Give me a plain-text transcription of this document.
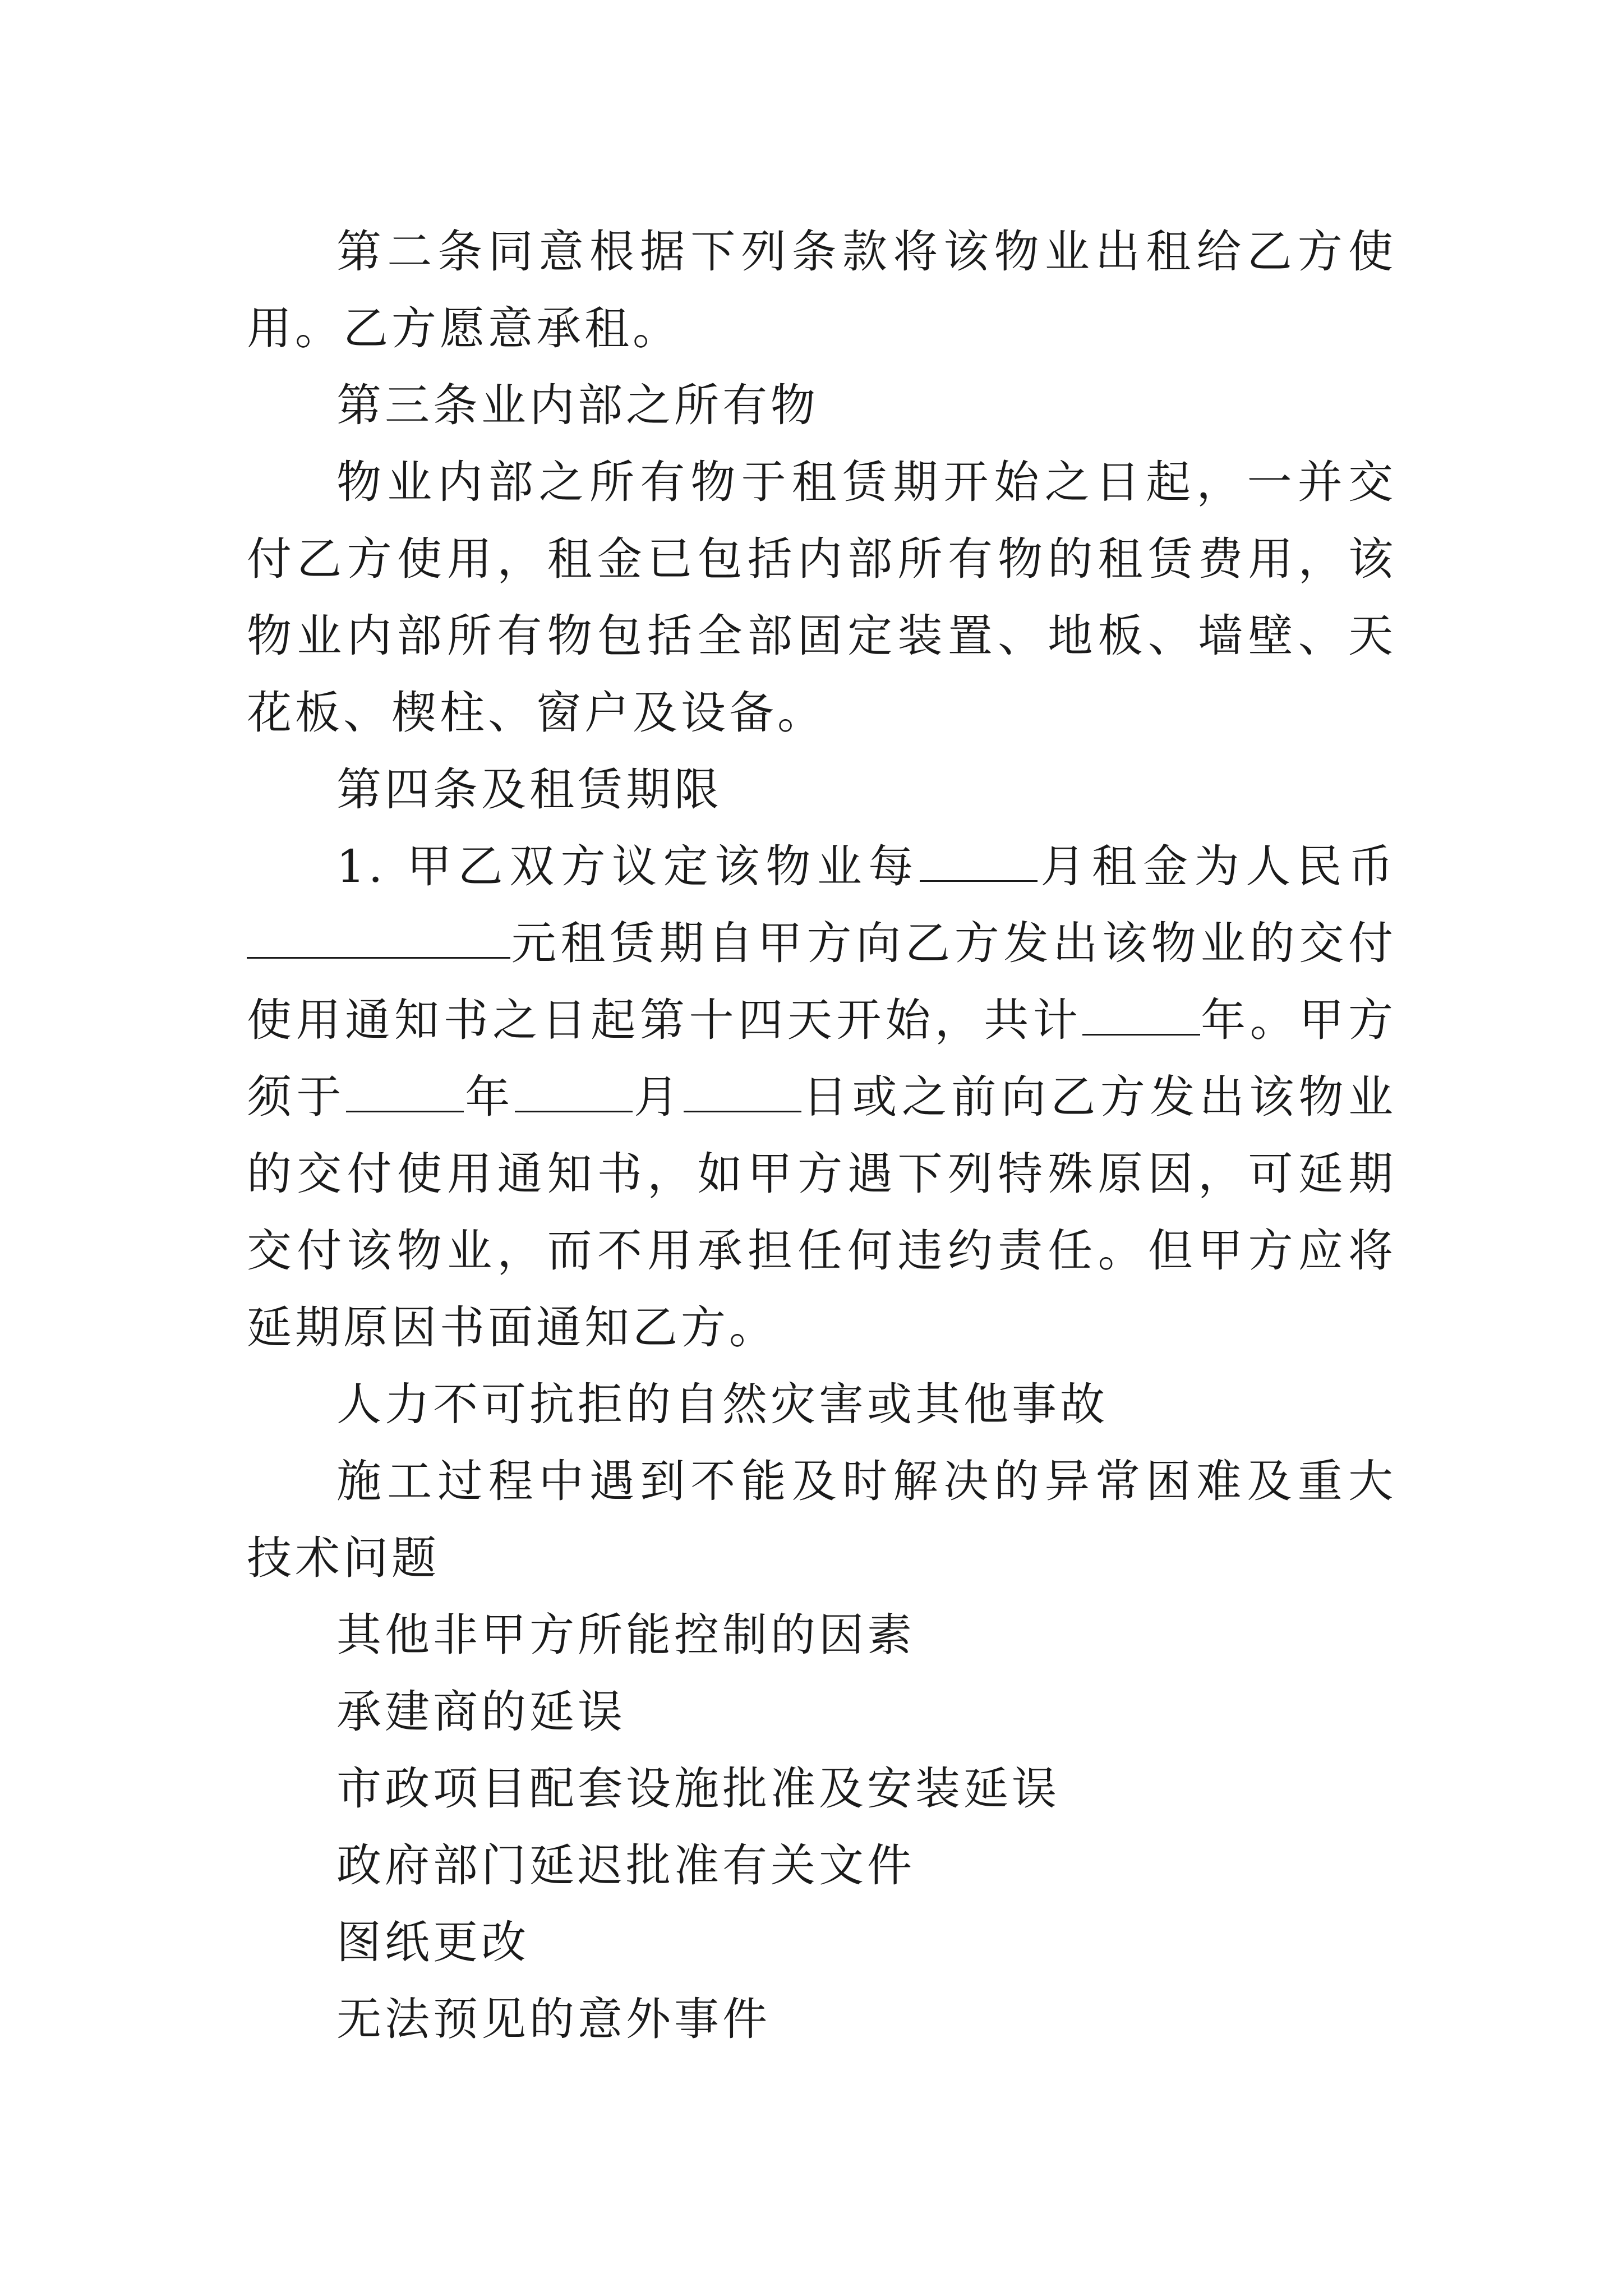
第二条同意根据下列条款将该物业出租给乙方使用。乙方愿意承租。

第三条业内部之所有物

物业内部之所有物于租赁期开始之日起，一并交付乙方使用，租金已包括内部所有物的租赁费用，该物业内部所有物包括全部固定装置、地板、墙壁、天花板、楔柱、窗户及设备。

第四条及租赁期限

1. 甲乙双方议定该物业每	月租金为人民币元租赁期自甲方向乙方发出该物业的交付使用通知书之日起第十四天开始，共计	年。甲方须于	年	月	日或之前向乙方发出该物业的交付使用通知书，如甲方遇下列特殊原因，可延期交付该物业，而不用承担任何违约责任。但甲方应将延期原因书面通知乙方。

人力不可抗拒的自然灾害或其他事故

施工过程中遇到不能及时解决的异常困难及重大技术问题

其他非甲方所能控制的因素

承建商的延误

市政项目配套设施批准及安装延误

政府部门延迟批准有关文件

图纸更改

无法预见的意外事件
